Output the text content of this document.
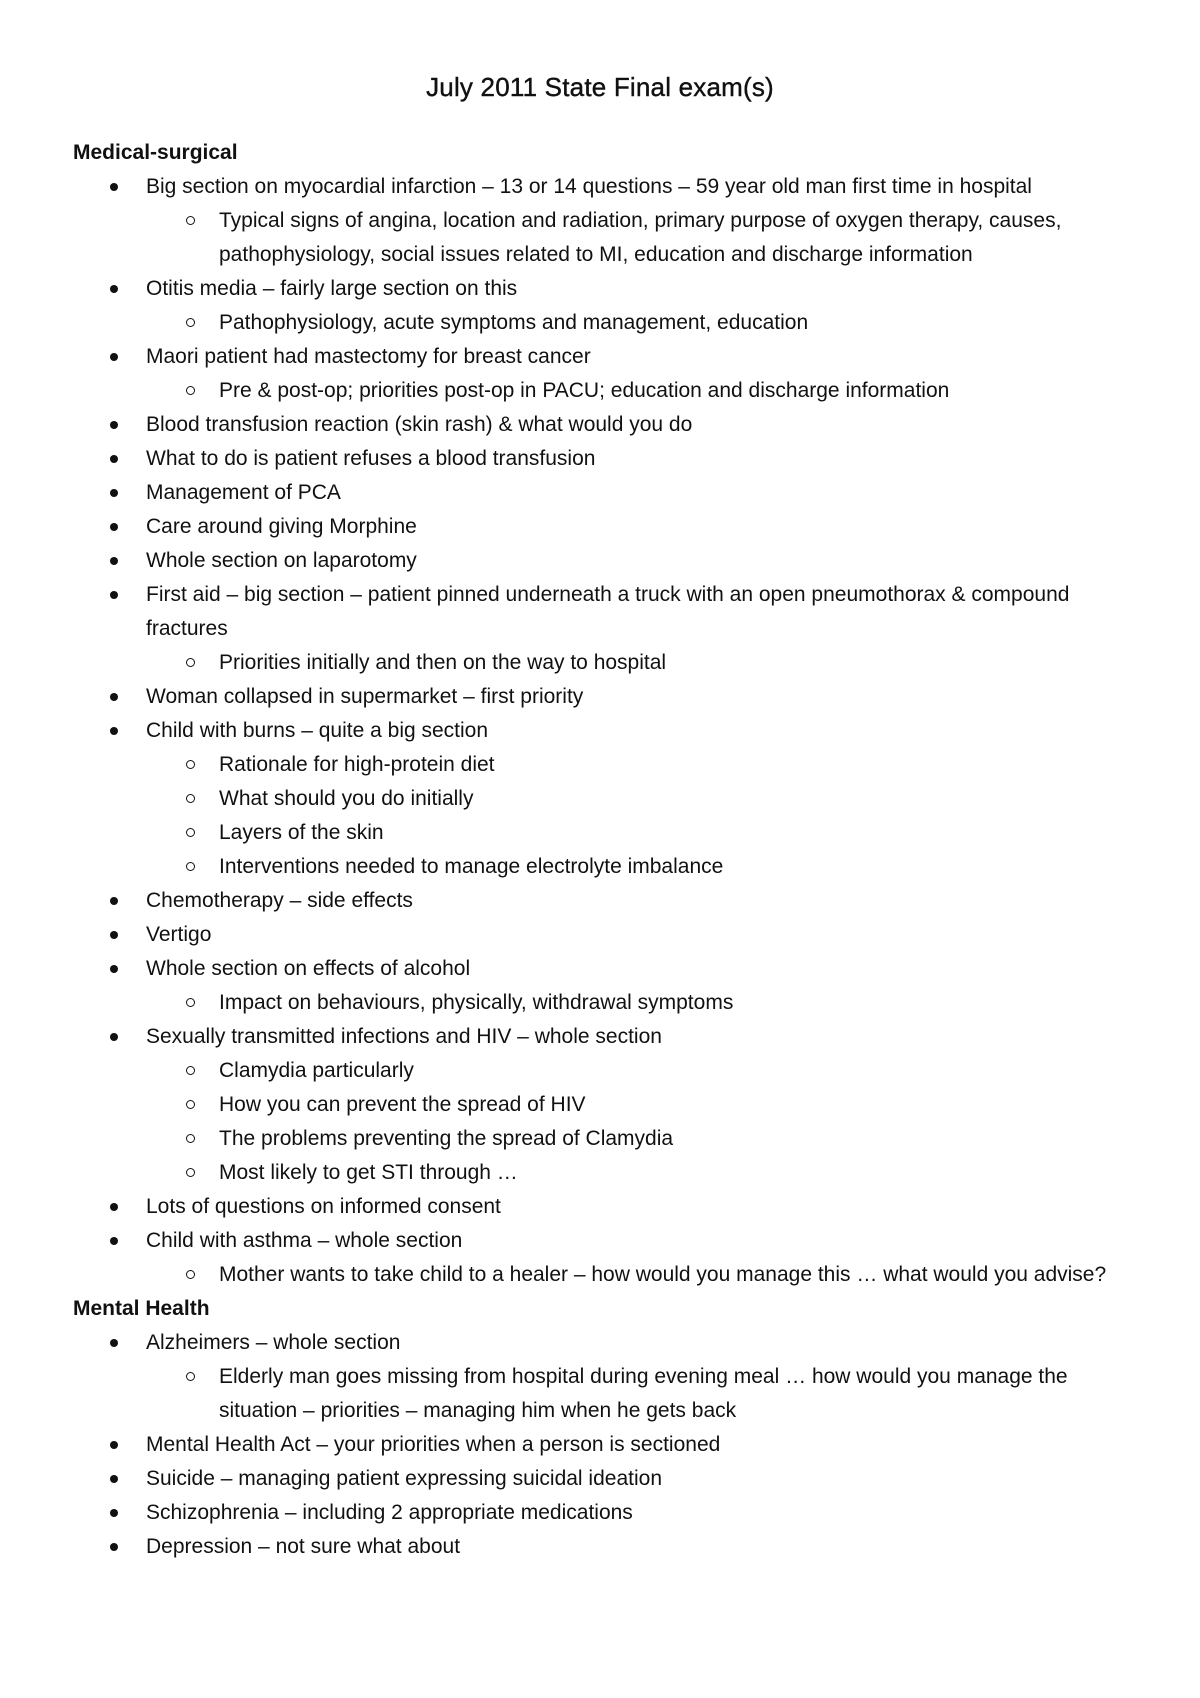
July 2011 State Final exam(s)
Medical-surgical
Big section on myocardial infarction – 13 or 14 questions – 59 year old man first time in hospital
Typical signs of angina, location and radiation, primary purpose of oxygen therapy, causes, pathophysiology, social issues related to MI, education and discharge information
Otitis media – fairly large section on this
Pathophysiology, acute symptoms and management, education
Maori patient had mastectomy for breast cancer
Pre & post-op; priorities post-op in PACU; education and discharge information
Blood transfusion reaction (skin rash) & what would you do
What to do is patient refuses a blood transfusion
Management of PCA
Care around giving Morphine
Whole section on laparotomy
First aid – big section – patient pinned underneath a truck with an open pneumothorax & compound fractures
Priorities initially and then on the way to hospital
Woman collapsed in supermarket – first priority
Child with burns – quite a big section
Rationale for high-protein diet
What should you do initially
Layers of the skin
Interventions needed to manage electrolyte imbalance
Chemotherapy – side effects
Vertigo
Whole section on effects of alcohol
Impact on behaviours, physically, withdrawal symptoms
Sexually transmitted infections and HIV – whole section
Clamydia particularly
How you can prevent the spread of HIV
The problems preventing the spread of Clamydia
Most likely to get STI through …
Lots of questions on informed consent
Child with asthma – whole section
Mother wants to take child to a healer – how would you manage this … what would you advise?
Mental Health
Alzheimers – whole section
Elderly man goes missing from hospital during evening meal … how would you manage the situation – priorities – managing him when he gets back
Mental Health Act – your priorities when a person is sectioned
Suicide – managing patient expressing suicidal ideation
Schizophrenia – including 2 appropriate medications
Depression – not sure what about
